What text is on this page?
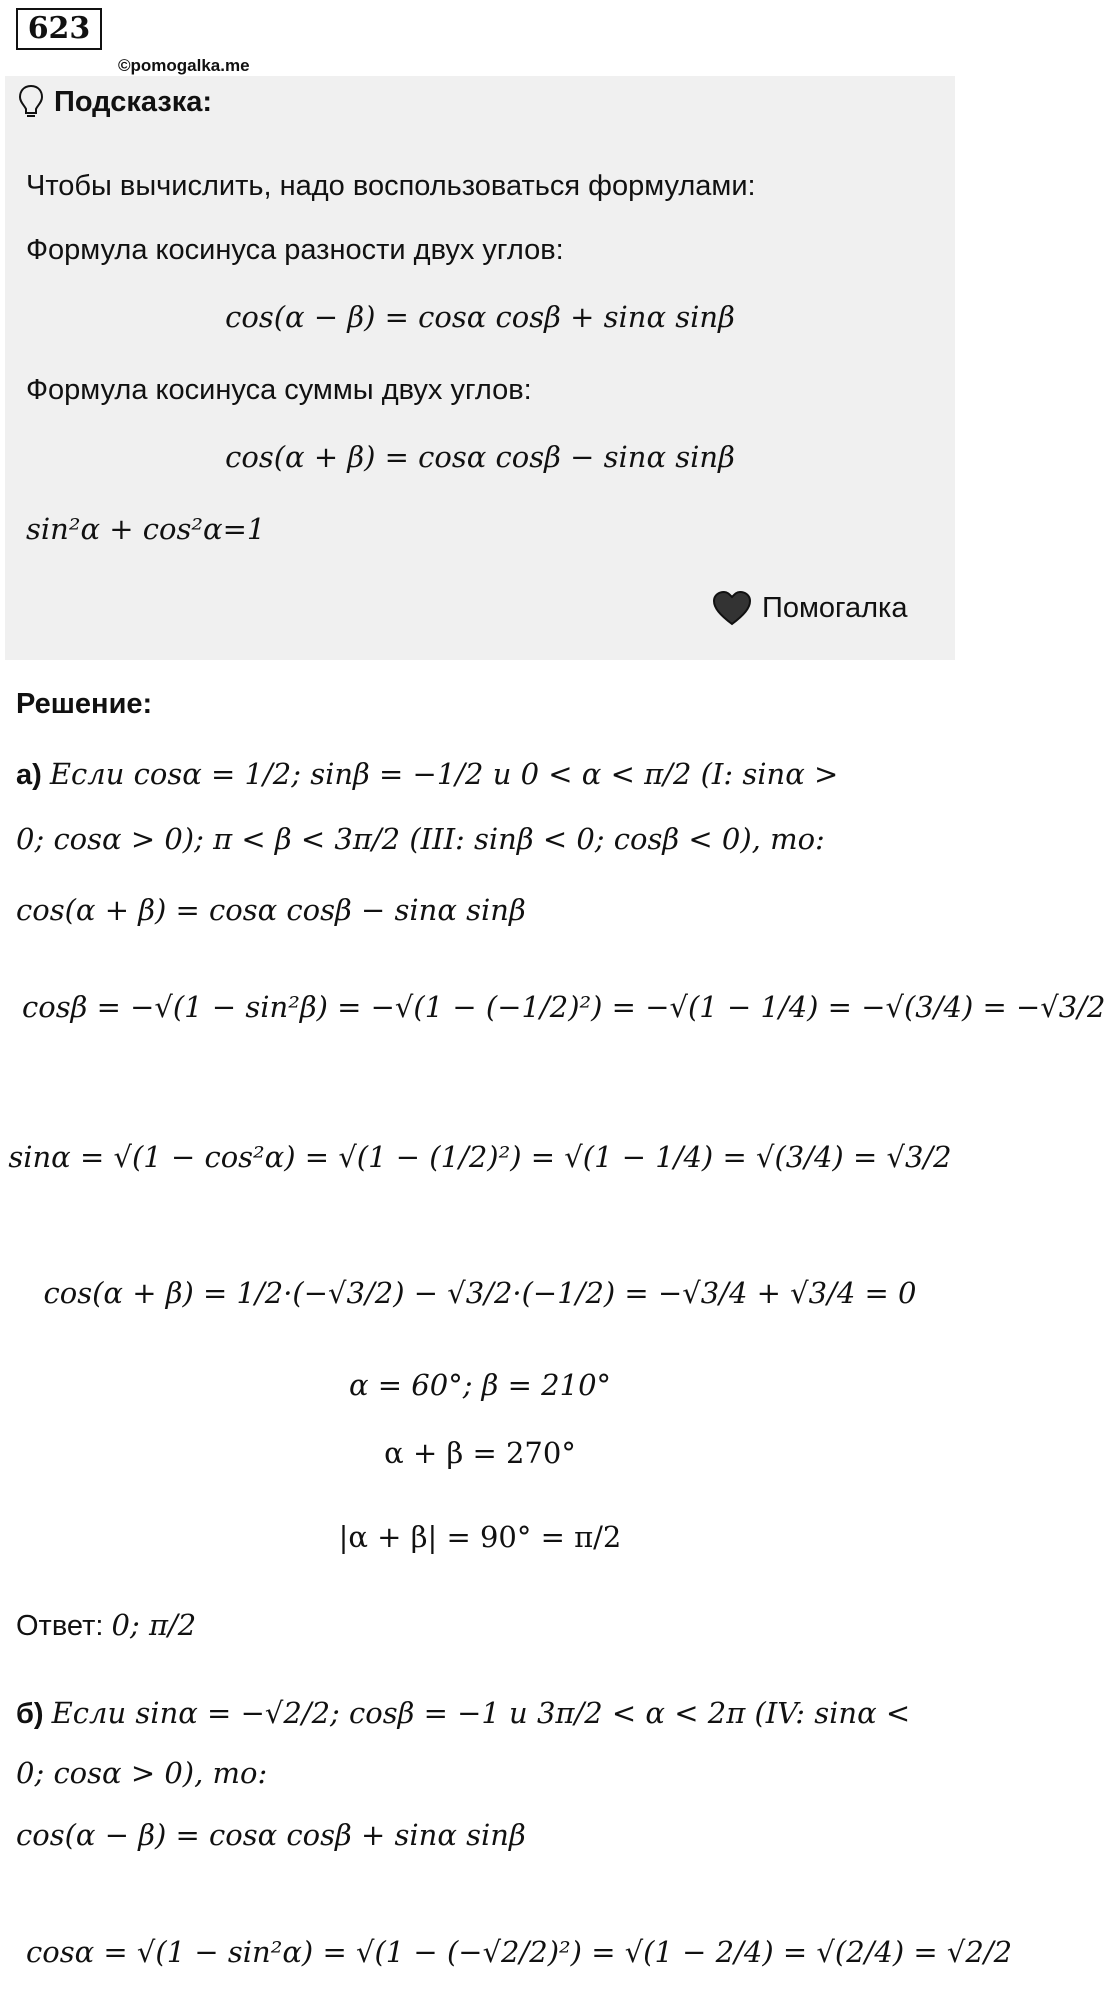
623
©pomogalka.me
Подсказка:
Чтобы вычислить, надо воспользоваться формулами:
Формула косинуса разности двух углов:
cos(α − β) = cosα cosβ + sinα sinβ
Формула косинуса суммы двух углов:
cos(α + β) = cosα cosβ − sinα sinβ
sin²α + cos²α=1
Помогалка
Решение:
а) Если cosα = 1/2; sinβ = −1/2 и 0 < α < π/2 (I: sinα >
0; cosα > 0); π < β < 3π/2 (III: sinβ < 0; cosβ < 0), то:
cos(α + β) = cosα cosβ − sinα sinβ
cosβ = −√(1 − sin²β) = −√(1 − (−1/2)²) = −√(1 − 1/4) = −√(3/4) = −√3/2
sinα = √(1 − cos²α) = √(1 − (1/2)²) = √(1 − 1/4) = √(3/4) = √3/2
cos(α + β) = 1/2·(−√3/2) − √3/2·(−1/2) = −√3/4 + √3/4 = 0
α = 60°; β = 210°
α + β = 270°
|α + β| = 90° = π/2
Ответ: 0; π/2
б) Если sinα = −√2/2; cosβ = −1 и 3π/2 < α < 2π (IV: sinα <
0; cosα > 0), то:
cos(α − β) = cosα cosβ + sinα sinβ
cosα = √(1 − sin²α) = √(1 − (−√2/2)²) = √(1 − 2/4) = √(2/4) = √2/2
